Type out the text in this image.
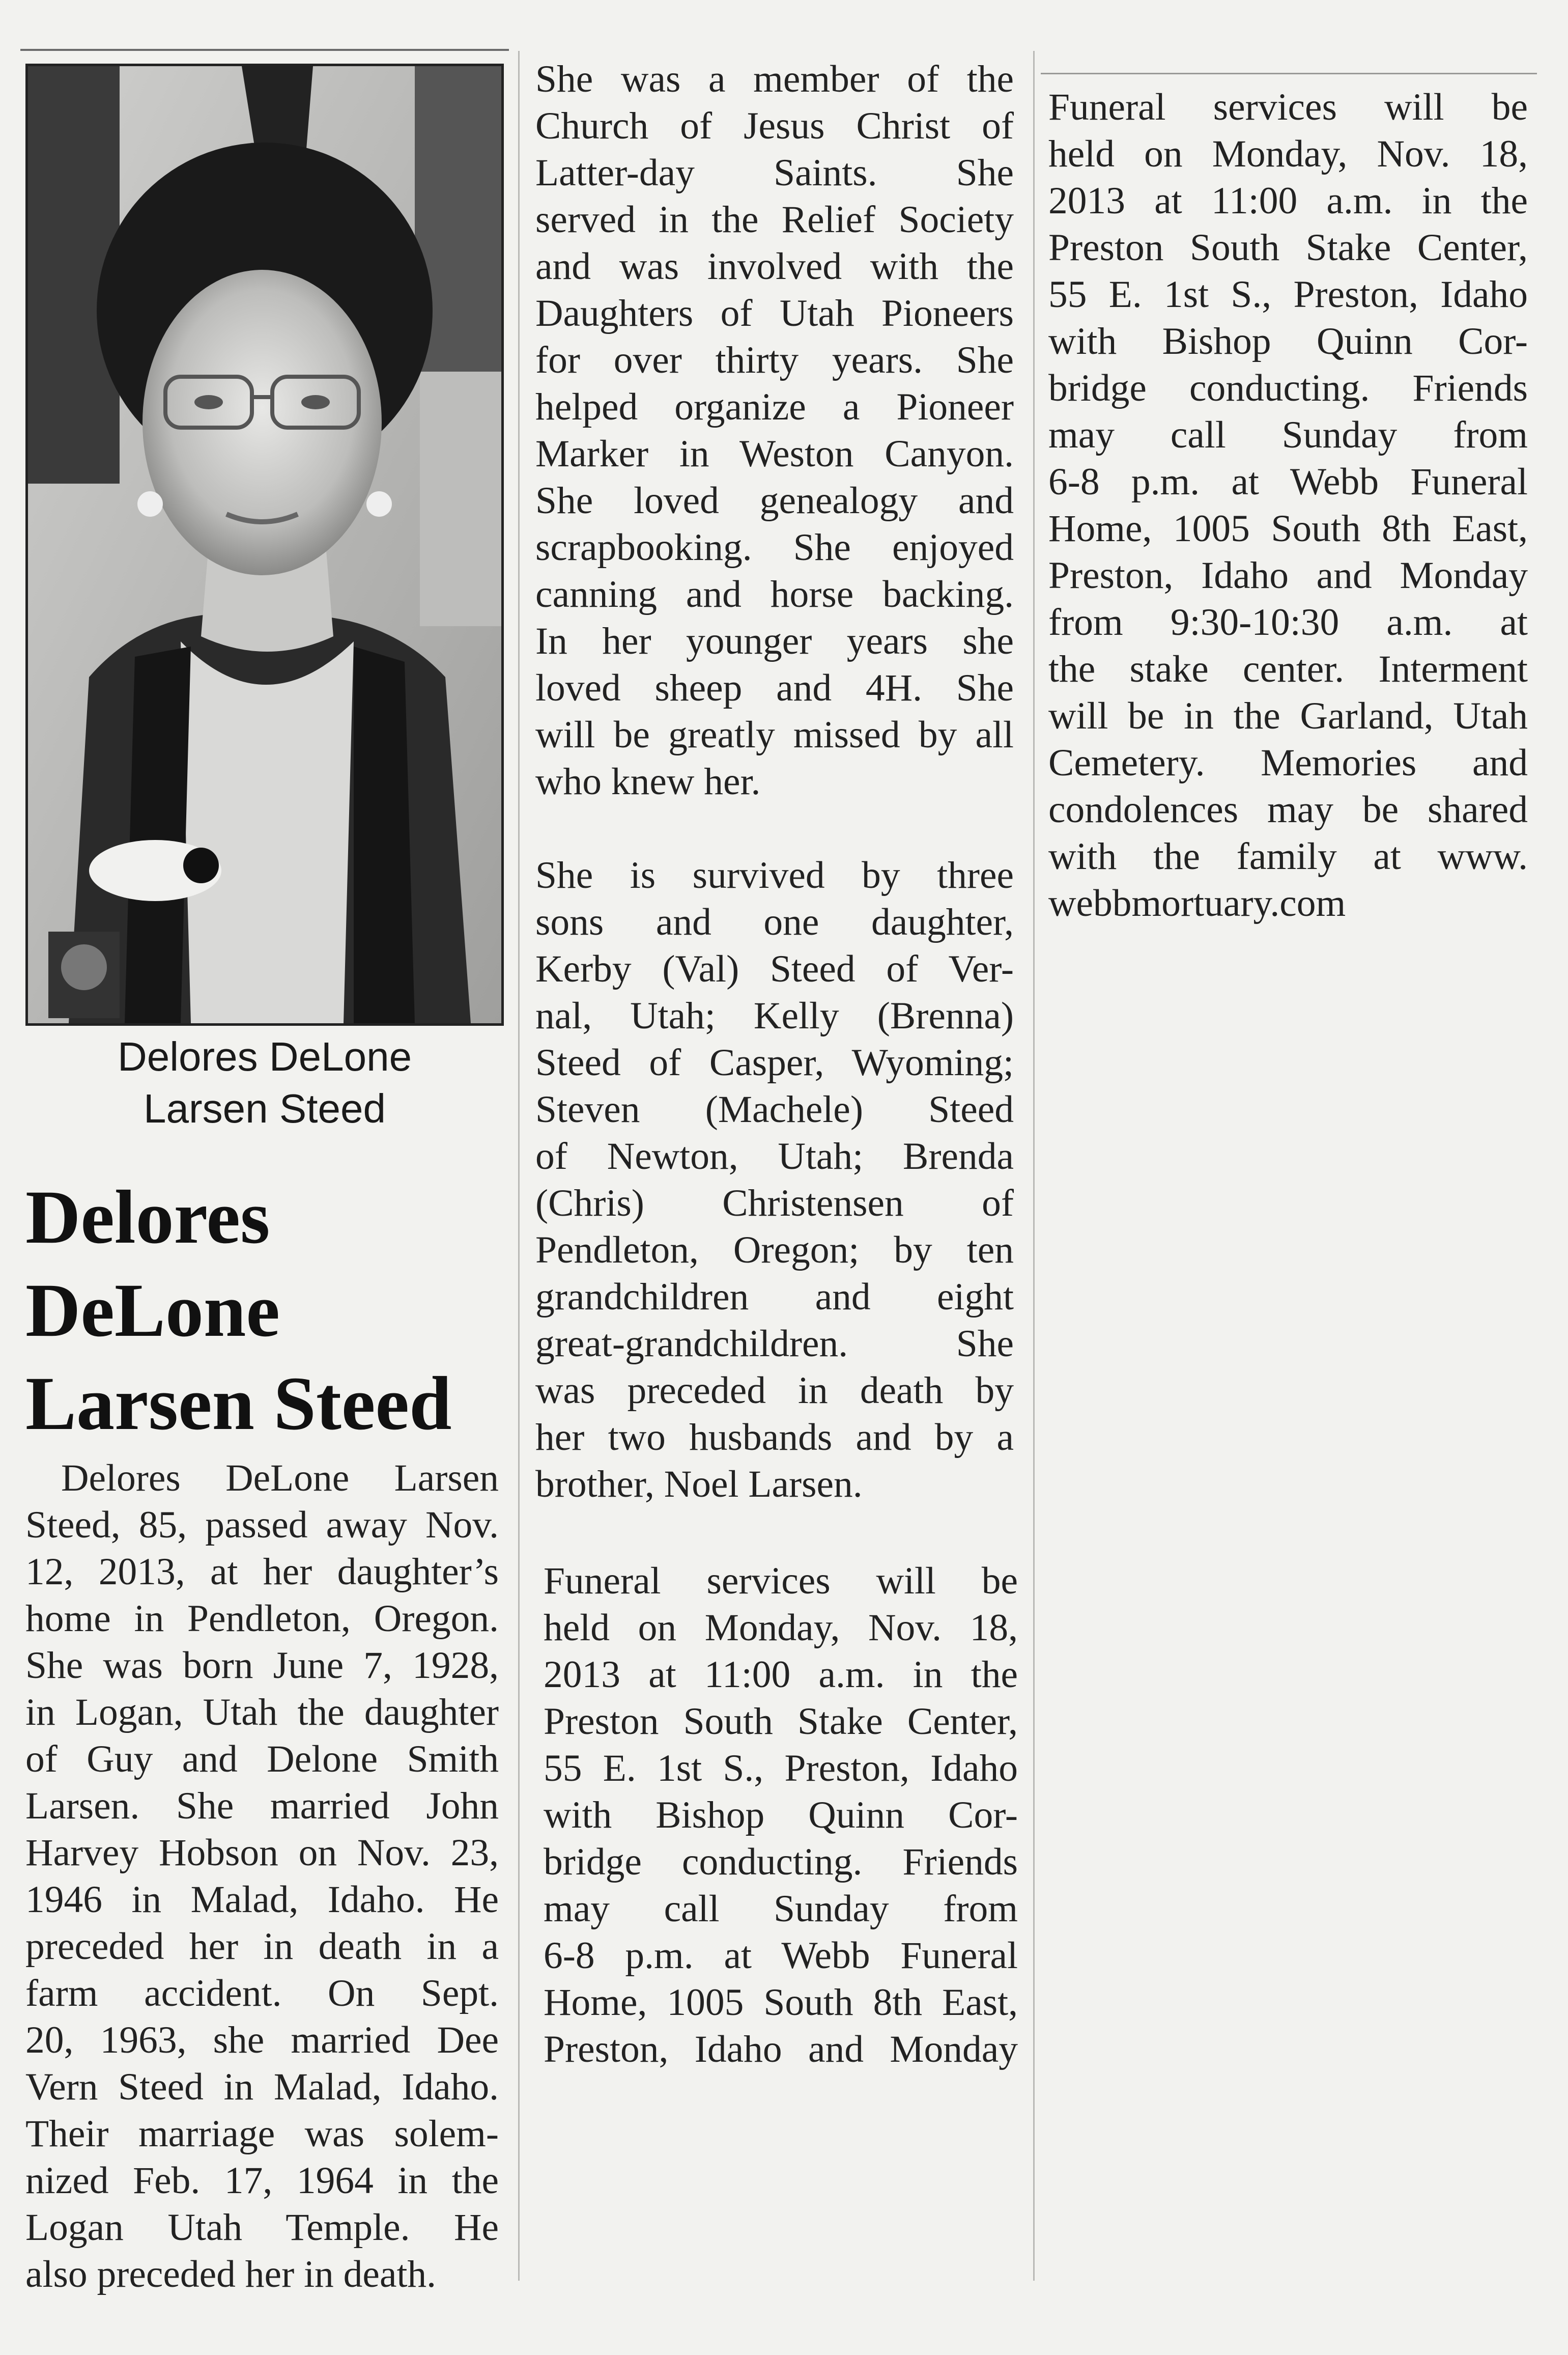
Delores DeLone
Larsen Steed
Delores
DeLone
Larsen Steed
Delores DeLone Larsen
Steed, 85, passed away Nov.
12, 2013, at her daughter’s
home in Pendleton, Oregon.
She was born June 7, 1928,
in Logan, Utah the daughter
of Guy and Delone Smith
Larsen. She married John
Harvey Hobson on Nov. 23,
1946 in Malad, Idaho. He
preceded her in death in a
farm accident. On Sept.
20, 1963, she married Dee
Vern Steed in Malad, Idaho.
Their marriage was solem-
nized Feb. 17, 1964 in the
Logan Utah Temple. He
also preceded her in death.
She was a member of the
Church of Jesus Christ of
Latter-day Saints. She
served in the Relief Society
and was involved with the
Daughters of Utah Pioneers
for over thirty years. She
helped organize a Pioneer
Marker in Weston Canyon.
She loved genealogy and
scrapbooking. She enjoyed
canning and horse backing.
In her younger years she
loved sheep and 4H. She
will be greatly missed by all
who knew her.
She is survived by three
sons and one daughter,
Kerby (Val) Steed of Ver-
nal, Utah; Kelly (Brenna)
Steed of Casper, Wyoming;
Steven (Machele) Steed
of Newton, Utah; Brenda
(Chris) Christensen of
Pendleton, Oregon; by ten
grandchildren and eight
great-grandchildren. She
was preceded in death by
her two husbands and by a
brother, Noel Larsen.
Funeral services will be
held on Monday, Nov. 18,
2013 at 11:00 a.m. in the
Preston South Stake Center,
55 E. 1st S., Preston, Idaho
with Bishop Quinn Cor-
bridge conducting. Friends
may call Sunday from
6-8 p.m. at Webb Funeral
Home, 1005 South 8th East,
Preston, Idaho and Monday
Funeral services will be
held on Monday, Nov. 18,
2013 at 11:00 a.m. in the
Preston South Stake Center,
55 E. 1st S., Preston, Idaho
with Bishop Quinn Cor-
bridge conducting. Friends
may call Sunday from
6-8 p.m. at Webb Funeral
Home, 1005 South 8th East,
Preston, Idaho and Monday
from 9:30-10:30 a.m. at
the stake center. Interment
will be in the Garland, Utah
Cemetery. Memories and
condolences may be shared
with the family at www.
webbmortuary.com
